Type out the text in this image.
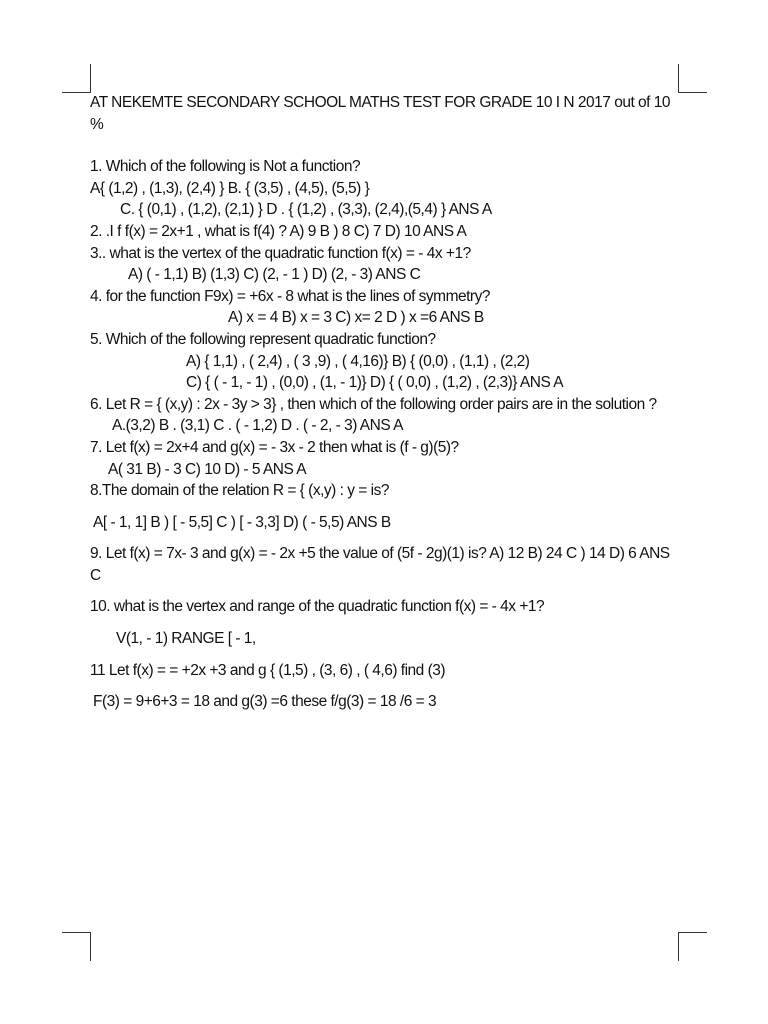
AT NEKEMTE SECONDARY SCHOOL MATHS TEST FOR GRADE 10 I N 2017 out of 10 %
1. Which of the following is Not a function?
A{ (1,2) , (1,3), (2,4) } B. { (3,5) , (4,5), (5,5) }
C. { (0,1) , (1,2), (2,1) } D . { (1,2) , (3,3), (2,4),(5,4) } ANS A
2. .I f f(x) = 2x+1 , what is f(4) ? A) 9 B ) 8 C) 7 D) 10 ANS A
3.. what is the vertex of the quadratic function f(x) = - 4x +1?
A) ( - 1,1) B) (1,3) C) (2, - 1 ) D) (2, - 3) ANS C
4. for the function F9x) = +6x - 8 what is the lines of symmetry?
A) x = 4 B) x = 3 C) x= 2 D ) x =6 ANS B
5. Which of the following represent quadratic function?
A) { 1,1) , ( 2,4) , ( 3 ,9) , ( 4,16)} B) { (0,0) , (1,1) , (2,2)
C) { ( - 1, - 1) , (0,0) , (1, - 1)} D) { ( 0,0) , (1,2) , (2,3)} ANS A
6. Let R = { (x,y) : 2x - 3y > 3} , then which of the following order pairs are in the solution ?
A.(3,2) B . (3,1) C . ( - 1,2) D . ( - 2, - 3) ANS A
7. Let f(x) = 2x+4 and g(x) = - 3x - 2 then what is (f - g)(5)?
A( 31 B) - 3 C) 10 D) - 5 ANS A
8.The domain of the relation R = { (x,y) : y = is?
A[ - 1, 1] B ) [ - 5,5] C ) [ - 3,3] D) ( - 5,5) ANS B
9. Let f(x) = 7x- 3 and g(x) = - 2x +5 the value of (5f - 2g)(1) is? A) 12 B) 24 C ) 14 D) 6 ANS C
10. what is the vertex and range of the quadratic function f(x) = - 4x +1?
V(1, - 1) RANGE [ - 1,
11 Let f(x) = = +2x +3 and g { (1,5) , (3, 6) , ( 4,6) find (3)
F(3) = 9+6+3 = 18 and g(3) =6 these f/g(3) = 18 /6 = 3
